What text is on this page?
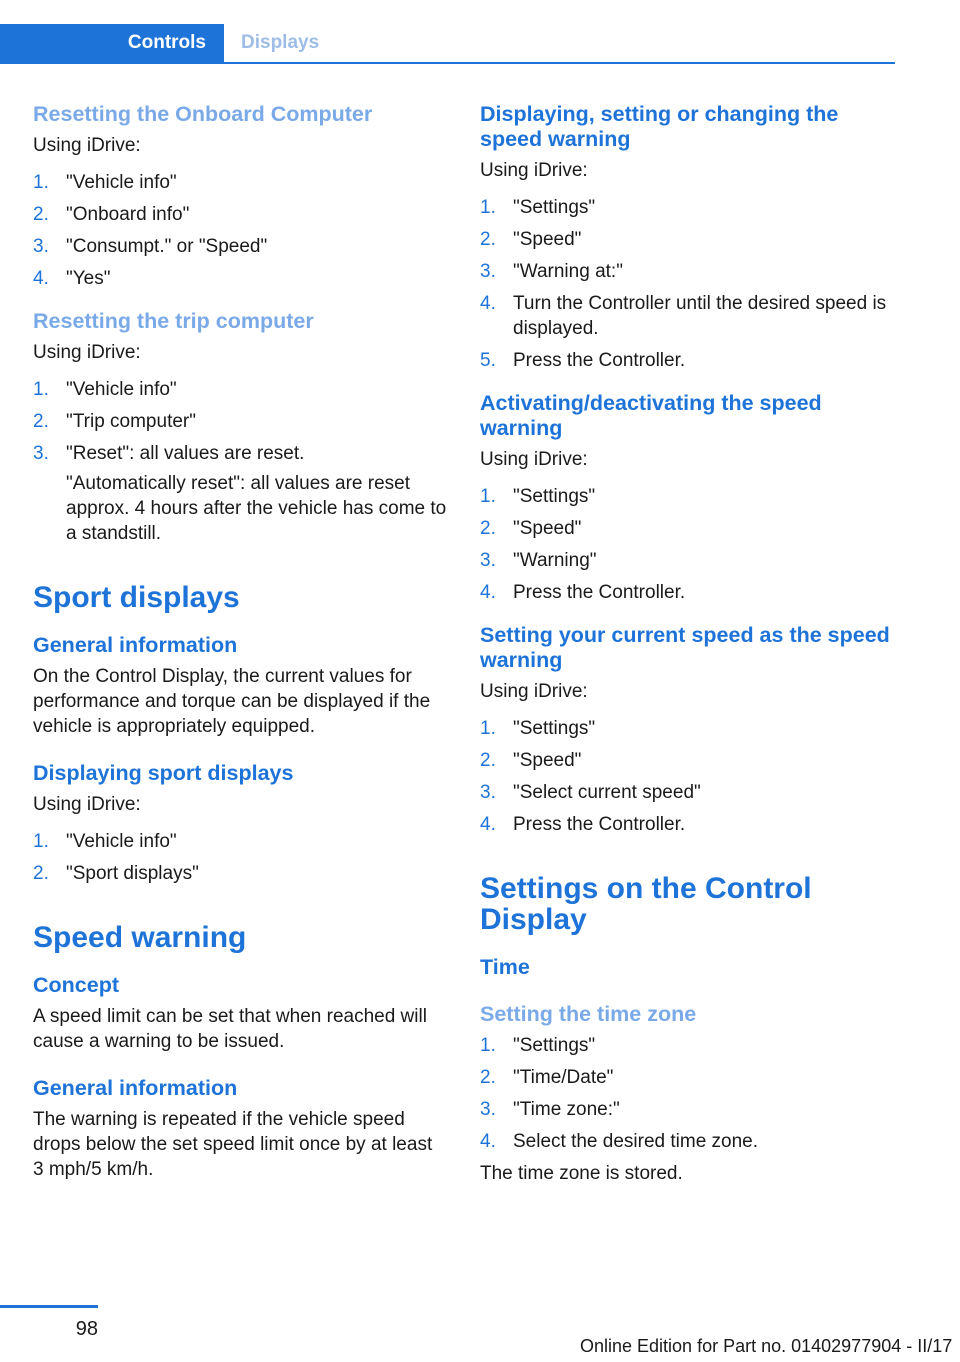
Controls	Displays
Resetting the Onboard Computer

Using iDrive:

1. "Vehicle info"
2. "Onboard info"
3. "Consumpt." or "Speed"
4. "Yes"
Resetting the trip computer

Using iDrive:

1. "Vehicle info"
2. "Trip computer"
3. "Reset": all values are reset.

"Automatically reset": all values are reset approx. 4 hours after the vehicle has come to a standstill.

Sport displays
General information

On the Control Display, the current values for performance and torque can be displayed if the vehicle is appropriately equipped.

Displaying sport displays

Using iDrive:

1. "Vehicle info"
2. "Sport displays"
Speed warning
Concept

A speed limit can be set that when reached will cause a warning to be issued.

General information

The warning is repeated if the vehicle speed drops below the set speed limit once by at least 3 mph/5 km/h.

Displaying, setting or changing the speed warning

Using iDrive:

1. "Settings"
2. "Speed"
3. "Warning at:"
4. Turn the Controller until the desired speed is displayed.
5. Press the Controller.
Activating/deactivating the speed warning

Using iDrive:

1. "Settings"
2. "Speed"
3. "Warning"
4. Press the Controller.
Setting your current speed as the speed warning

Using iDrive:

1. "Settings"
2. "Speed"
3. "Select current speed"
4. Press the Controller.
Settings on the Control Display
Time
Setting the time zone
1. "Settings"
2. "Time/Date"
3. "Time zone:"
4. Select the desired time zone.

The time zone is stored.

98
Online Edition for Part no. 01402977904 - II/17
